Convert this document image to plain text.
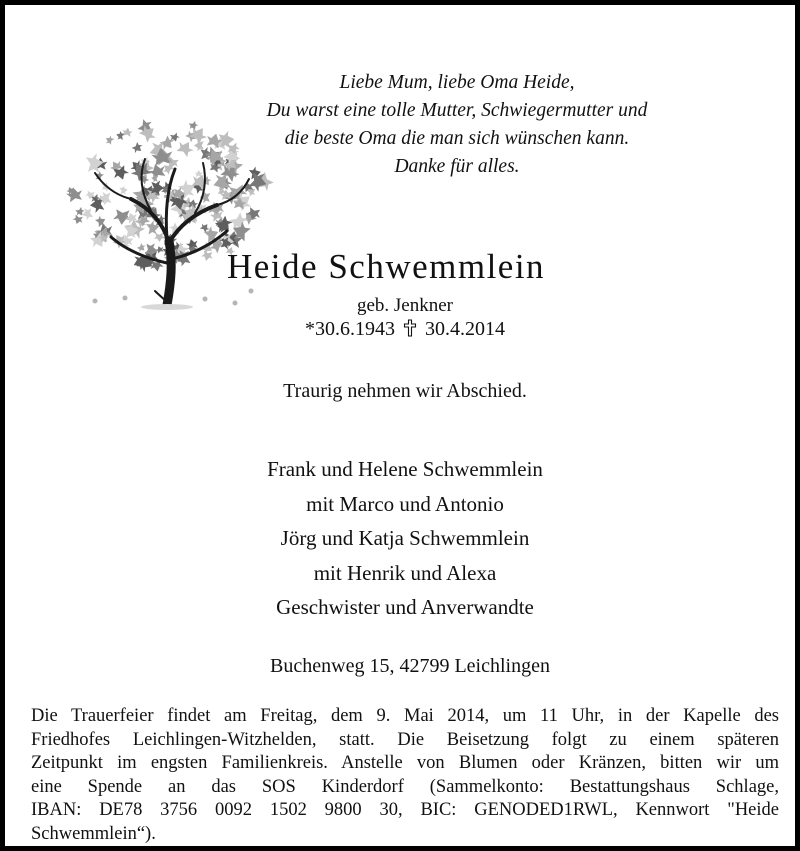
Liebe Mum, liebe Oma Heide,
Du warst eine tolle Mutter, Schwiegermutter und
die beste Oma die man sich wünschen kann.
Danke für alles.
Heide Schwemmlein
geb. Jenkner
*30.6.1943 30.4.2014
Traurig nehmen wir Abschied.
Frank und Helene Schwemmlein
mit Marco und Antonio
Jörg und Katja Schwemmlein
mit Henrik und Alexa
Geschwister und Anverwandte
Buchenweg 15, 42799 Leichlingen
Die Trauerfeier findet am Freitag, dem 9. Mai 2014, um 11 Uhr, in der Kapelle des
Friedhofes Leichlingen-Witzhelden, statt. Die Beisetzung folgt zu einem späteren
Zeitpunkt im engsten Familienkreis. Anstelle von Blumen oder Kränzen, bitten wir um
eine Spende an das SOS Kinderdorf (Sammelkonto: Bestattungshaus Schlage,
IBAN: DE78 3756 0092 1502 9800 30, BIC: GENODED1RWL, Kennwort "Heide
Schwemmlein“).
